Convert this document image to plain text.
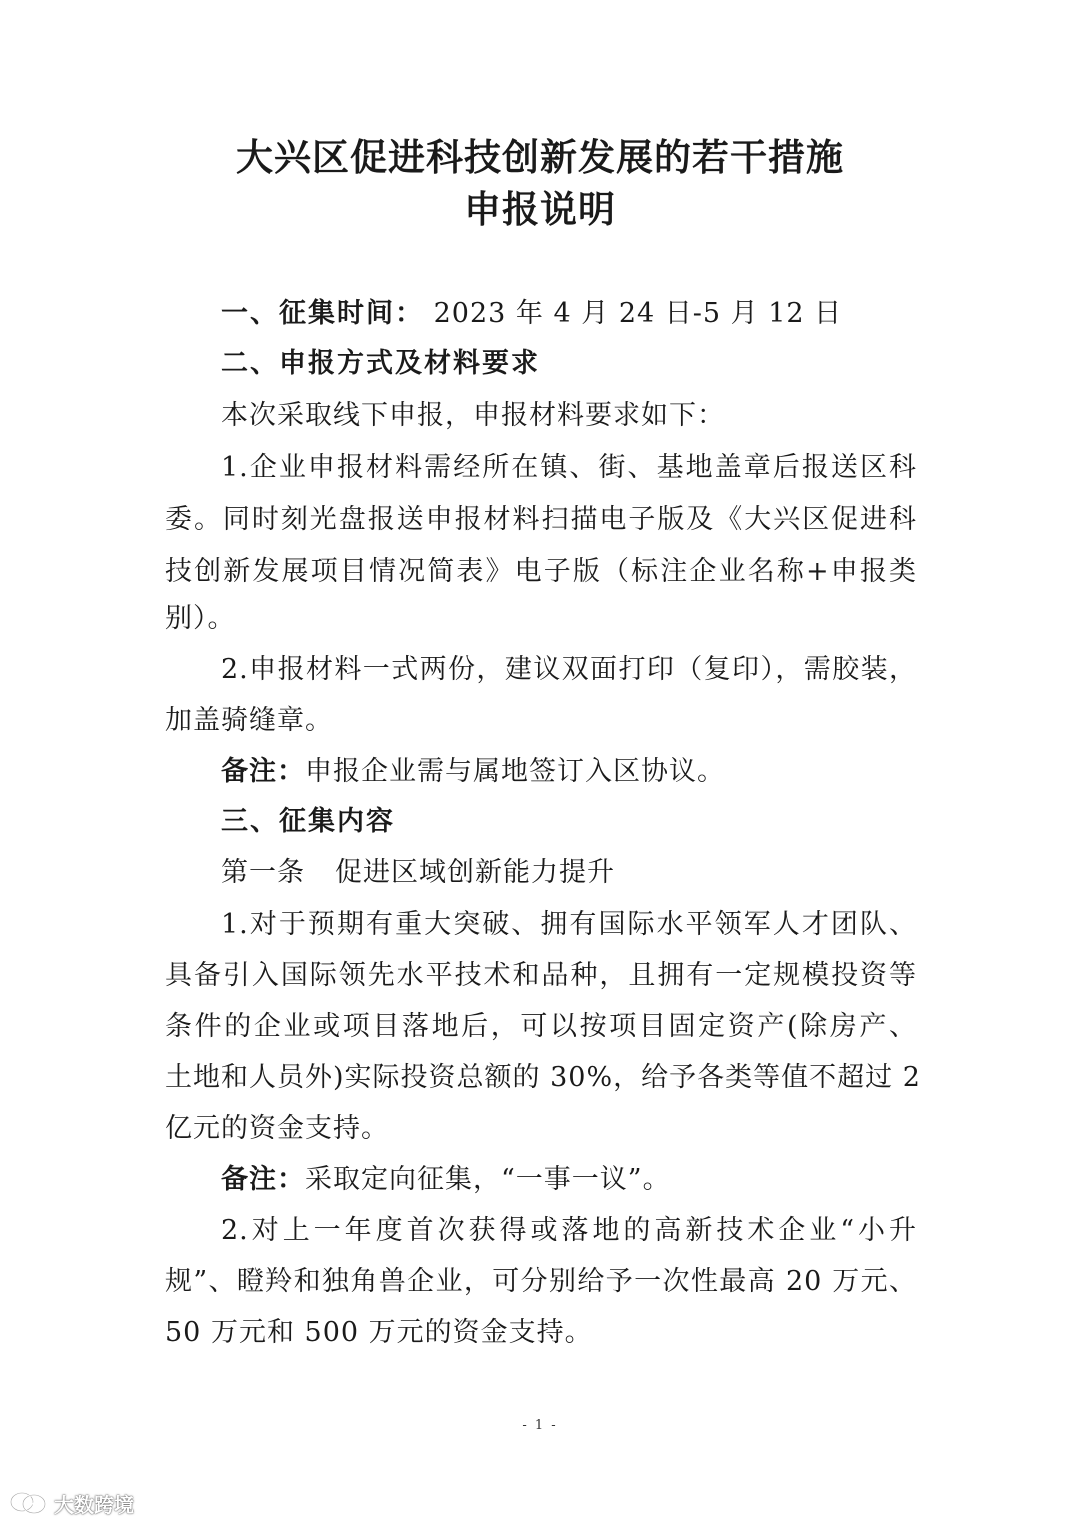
大兴区促进科技创新发展的若干措施
申报说明
一、征集时间： 2023 年 4 月 24 日-5 月 12 日
二、申报方式及材料要求
本次采取线下申报，申报材料要求如下：
1.企业申报材料需经所在镇、街、基地盖章后报送区科
委。同时刻光盘报送申报材料扫描电子版及《大兴区促进科
技创新发展项目情况简表》电子版（标注企业名称+申报类
别）。
2.申报材料一式两份，建议双面打印（复印），需胶装，
加盖骑缝章。
备注：申报企业需与属地签订入区协议。
三、征集内容
第一条 促进区域创新能力提升
1.对于预期有重大突破、拥有国际水平领军人才团队、
具备引入国际领先水平技术和品种，且拥有一定规模投资等
条件的企业或项目落地后，可以按项目固定资产(除房产、
土地和人员外)实际投资总额的 30%，给予各类等值不超过 2
亿元的资金支持。
备注：采取定向征集，“一事一议”。
2.对上一年度首次获得或落地的高新技术企业“小升
规”、瞪羚和独角兽企业，可分别给予一次性最高 20 万元、
50 万元和 500 万元的资金支持。
- 1 -
大数跨境
